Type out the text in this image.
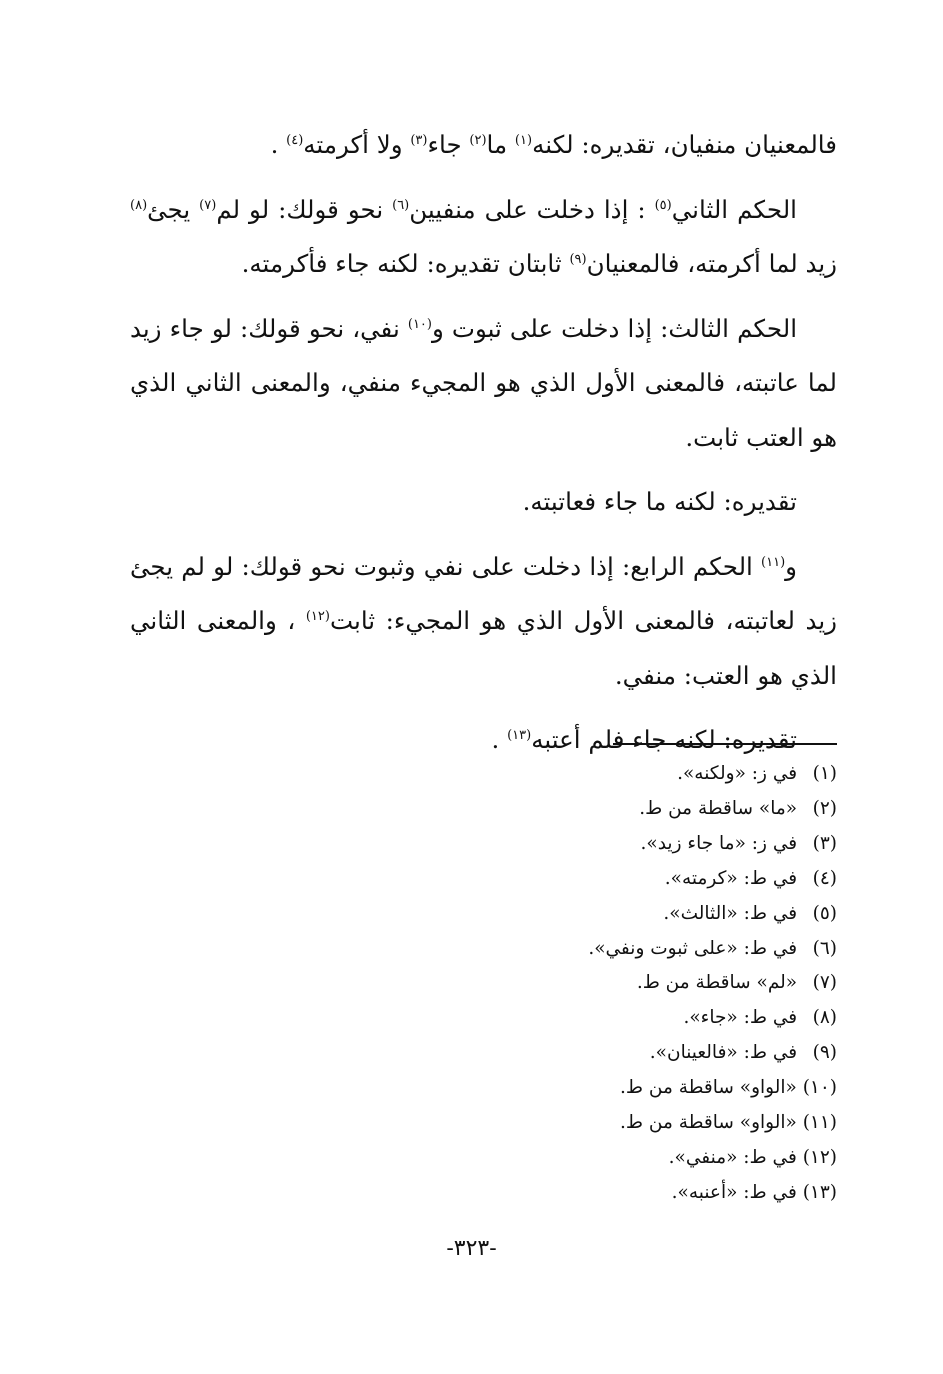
فالمعنيان منفيان، تقديره: لكنه$^{(١)}$ ما$^{(٢)}$ جاء$^{(٣)}$ ولا أكرمته$^{(٤)}$ .

الحكم الثاني$^{(٥)}$ : إذا دخلت على منفيين$^{(٦)}$ نحو قولك: لو لم$^{(٧)}$ يجئ$^{(٨)}$ زيد لما أكرمته، فالمعنيان$^{(٩)}$ ثابتان تقديره: لكنه جاء فأكرمته.

الحكم الثالث: إذا دخلت على ثبوت و$^{(١٠)}$ نفي، نحو قولك: لو جاء زيد لما عاتبته، فالمعنى الأول الذي هو المجيء منفي، والمعنى الثاني الذي هو العتب ثابت.

تقديره: لكنه ما جاء فعاتبته.

و$^{(١١)}$ الحكم الرابع: إذا دخلت على نفي وثبوت نحو قولك: لو لم يجئ زيد لعاتبته، فالمعنى الأول الذي هو المجيء: ثابت$^{(١٢)}$ ، والمعنى الثاني الذي هو العتب: منفي.

تقديره: لكنه جاء فلم أعتبه$^{(١٣)}$ .

(١) في ز: «ولكنه».
(٢) «ما» ساقطة من ط.
(٣) في ز: «ما جاء زيد».
(٤) في ط: «كرمته».
(٥) في ط: «الثالث».
(٦) في ط: «على ثبوت ونفي».
(٧) «لم» ساقطة من ط.
(٨) في ط: «جاء».
(٩) في ط: «فالعينان».
(١٠) «الواو» ساقطة من ط.
(١١) «الواو» ساقطة من ط.
(١٢) في ط: «منفي».
(١٣) في ط: «أعنبه».
-٣٢٣-
